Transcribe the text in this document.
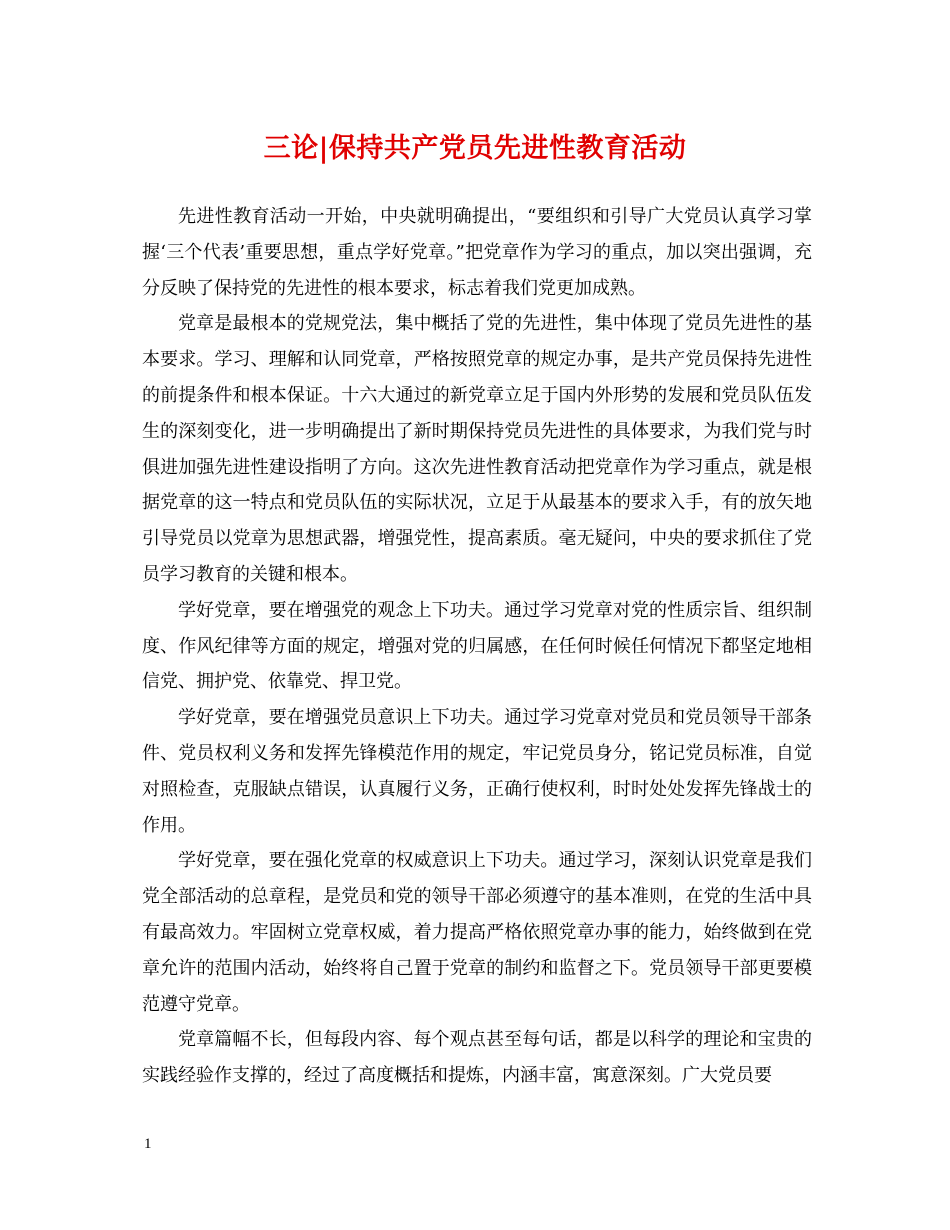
三论|保持共产党员先进性教育活动

先进性教育活动一开始，中央就明确提出，“要组织和引导广大党员认真学习掌握‘三个代表’重要思想，重点学好党章。”把党章作为学习的重点，加以突出强调，充分反映了保持党的先进性的根本要求，标志着我们党更加成熟。

党章是最根本的党规党法，集中概括了党的先进性，集中体现了党员先进性的基本要求。学习、理解和认同党章，严格按照党章的规定办事，是共产党员保持先进性的前提条件和根本保证。十六大通过的新党章立足于国内外形势的发展和党员队伍发生的深刻变化，进一步明确提出了新时期保持党员先进性的具体要求，为我们党与时俱进加强先进性建设指明了方向。这次先进性教育活动把党章作为学习重点，就是根据党章的这一特点和党员队伍的实际状况，立足于从最基本的要求入手，有的放矢地引导党员以党章为思想武器，增强党性，提高素质。毫无疑问，中央的要求抓住了党员学习教育的关键和根本。

学好党章，要在增强党的观念上下功夫。通过学习党章对党的性质宗旨、组织制度、作风纪律等方面的规定，增强对党的归属感，在任何时候任何情况下都坚定地相信党、拥护党、依靠党、捍卫党。

学好党章，要在增强党员意识上下功夫。通过学习党章对党员和党员领导干部条件、党员权利义务和发挥先锋模范作用的规定，牢记党员身分，铭记党员标准，自觉对照检查，克服缺点错误，认真履行义务，正确行使权利，时时处处发挥先锋战士的作用。

学好党章，要在强化党章的权威意识上下功夫。通过学习，深刻认识党章是我们党全部活动的总章程，是党员和党的领导干部必须遵守的基本准则，在党的生活中具有最高效力。牢固树立党章权威，着力提高严格依照党章办事的能力，始终做到在党章允许的范围内活动，始终将自己置于党章的制约和监督之下。党员领导干部更要模范遵守党章。

党章篇幅不长，但每段内容、每个观点甚至每句话，都是以科学的理论和宝贵的实践经验作支撑的，经过了高度概括和提炼，内涵丰富，寓意深刻。广大党员要

1
